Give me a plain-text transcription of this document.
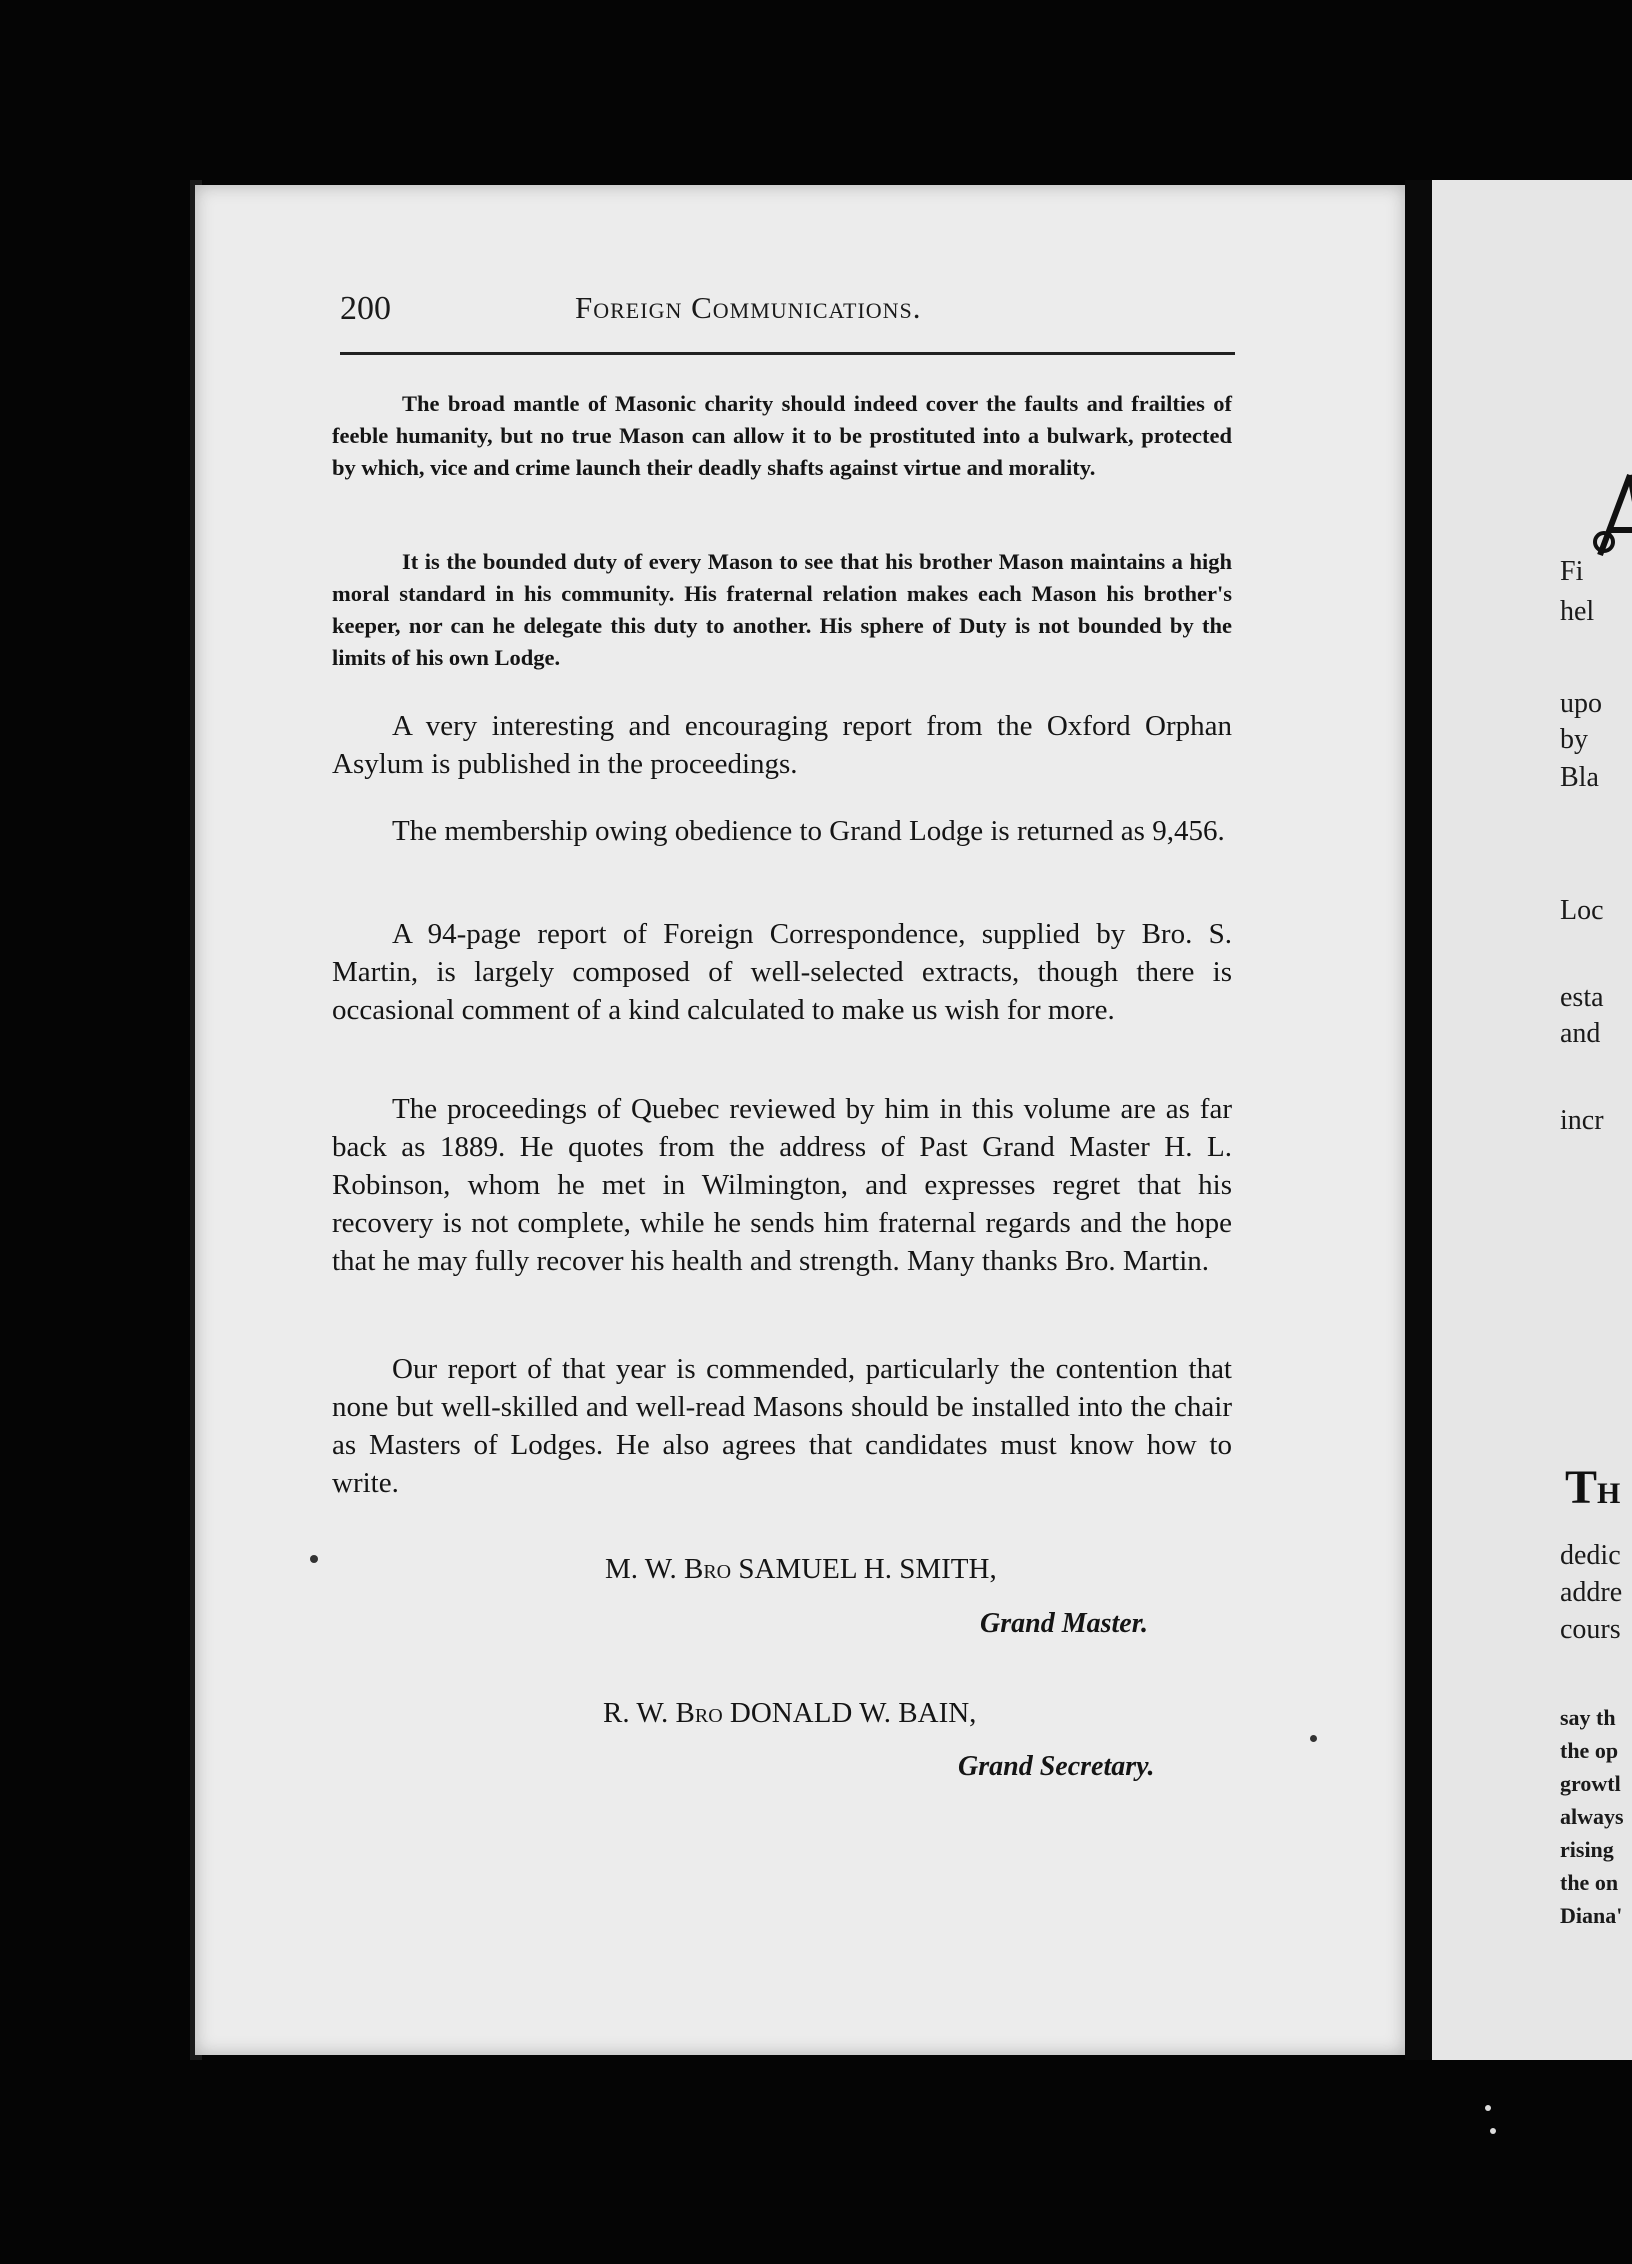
200	Foreign Communications.

The broad mantle of Masonic charity should indeed cover the faults and frailties of feeble humanity, but no true Mason can allow it to be prostituted into a bulwark, protected by which, vice and crime launch their deadly shafts against virtue and morality.

It is the bounded duty of every Mason to see that his brother Mason maintains a high moral standard in his community. His fraternal relation makes each Mason his brother's keeper, nor can he delegate this duty to another. His sphere of Duty is not bounded by the limits of his own Lodge.

A very interesting and encouraging report from the Oxford Orphan Asylum is published in the proceedings.

The membership owing obedience to Grand Lodge is returned as 9,456.

A 94-page report of Foreign Correspondence, supplied by Bro. S. Martin, is largely composed of well-selected extracts, though there is occasional comment of a kind calculated to make us wish for more.

The proceedings of Quebec reviewed by him in this volume are as far back as 1889. He quotes from the address of Past Grand Master H. L. Robinson, whom he met in Wilmington, and expresses regret that his recovery is not complete, while he sends him fraternal regards and the hope that he may fully recover his health and strength. Many thanks Bro. Martin.

Our report of that year is commended, particularly the contention that none but well-skilled and well-read Masons should be installed into the chair as Masters of Lodges. He also agrees that candidates must know how to write.

M. W. Bro SAMUEL H. SMITH,
Grand Master.
R. W. Bro DONALD W. BAIN,
Grand Secretary.
Fi
hel
upo
by
Bla
Loc
esta
and
incr
TH
dedic
addre
cours
say th
the op
growtl
always
rising
the on
Diana'
